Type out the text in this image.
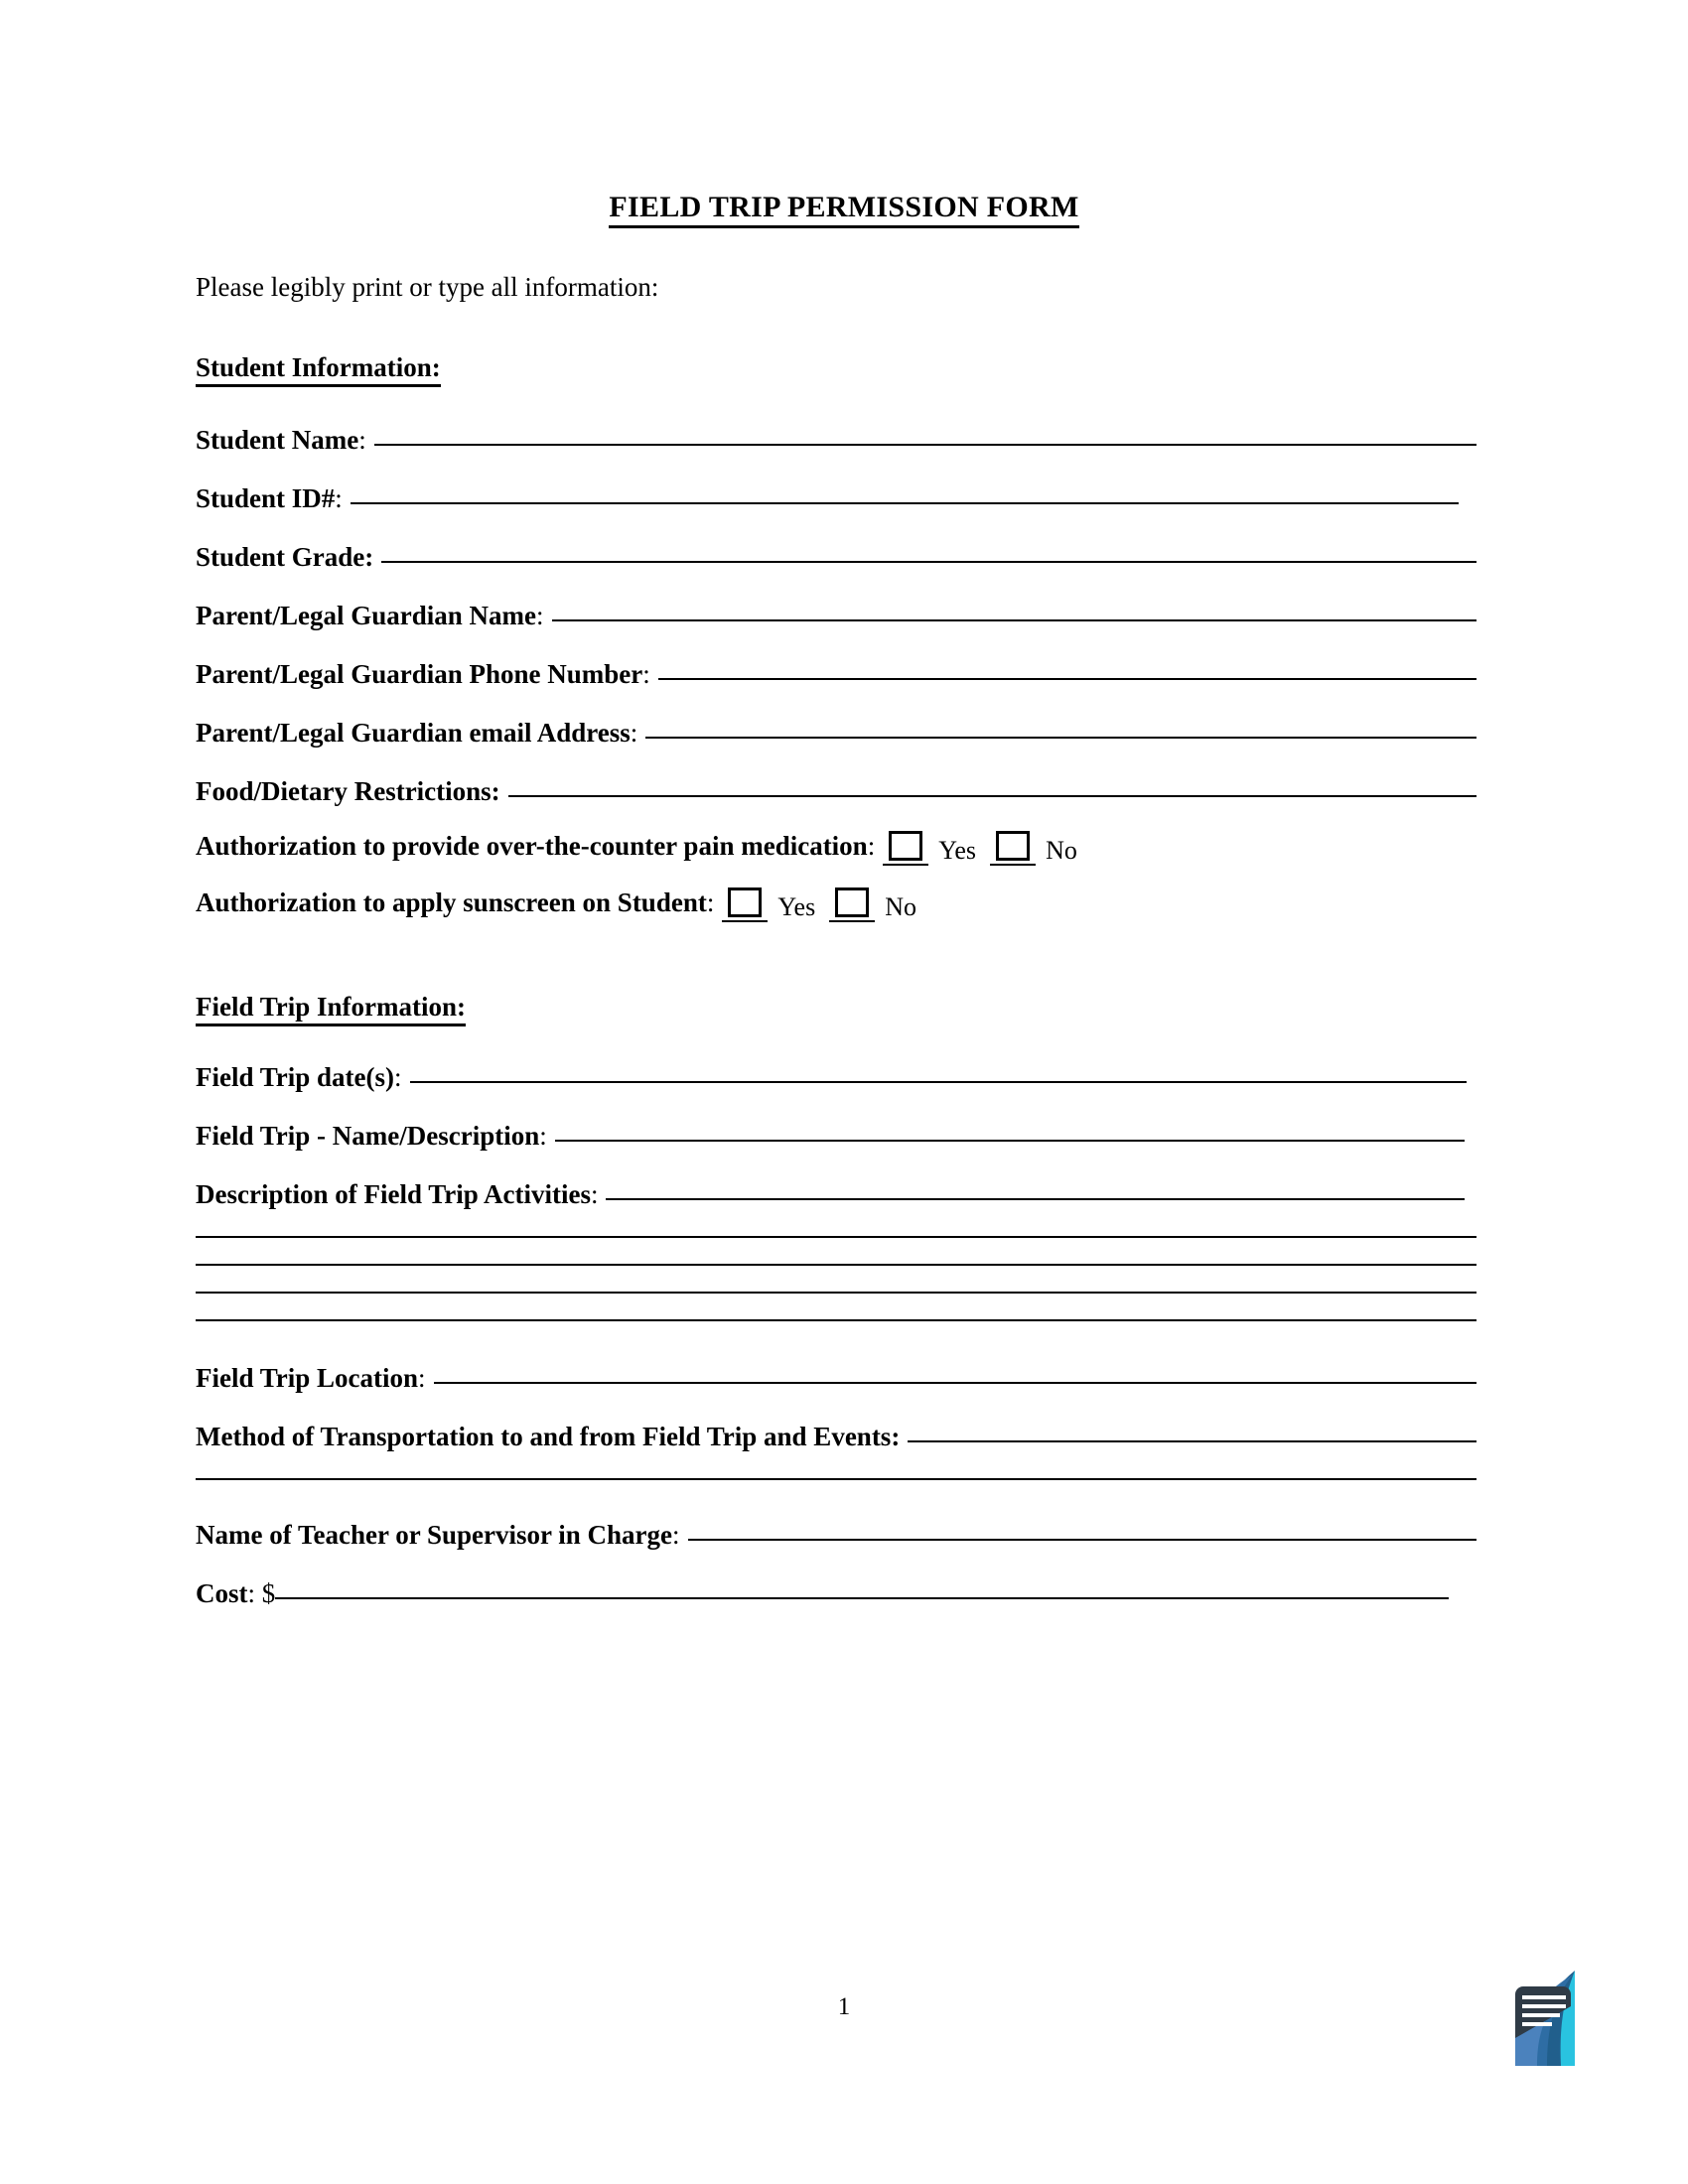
FIELD TRIP PERMISSION FORM
Please legibly print or type all information:
Student Information:
Student Name:
Student ID#:
Student Grade:
Parent/Legal Guardian Name:
Parent/Legal Guardian Phone Number:
Parent/Legal Guardian email Address:
Food/Dietary Restrictions:
Authorization to provide over-the-counter pain medication: Yes	No
Authorization to apply sunscreen on Student: Yes	No
Field Trip Information:
Field Trip date(s):
Field Trip - Name/Description:
Description of Field Trip Activities:
Field Trip Location:
Method of Transportation to and from Field Trip and Events:
Name of Teacher or Supervisor in Charge:
Cost: $
1
